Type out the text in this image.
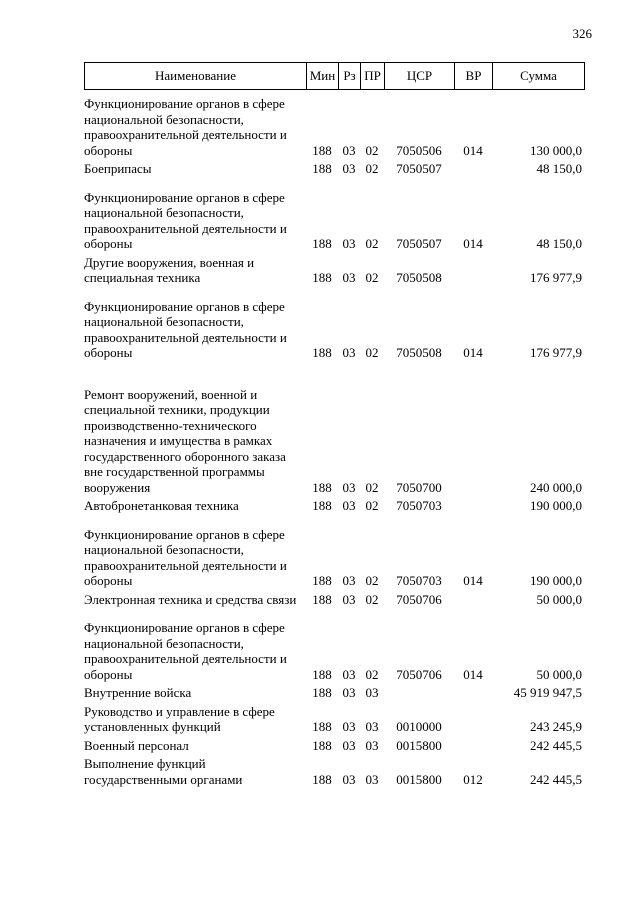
326
Наименование	Мин	Рз	ПР	ЦСР	ВР	Сумма
Функционирование органов в сфере национальной безопасности, правоохранительной деятельности и обороны	188	03	02	7050506	014	130 000,0
Боеприпасы	188	03	02	7050507		48 150,0
Функционирование органов в сфере национальной безопасности, правоохранительной деятельности и обороны	188	03	02	7050507	014	48 150,0
Другие вооружения, военная и специальная техника	188	03	02	7050508		176 977,9
Функционирование органов в сфере национальной безопасности, правоохранительной деятельности и обороны	188	03	02	7050508	014	176 977,9
Ремонт вооружений, военной и специальной техники, продукции производственно-технического назначения и имущества в рамках государственного оборонного заказа вне государственной программы вооружения	188	03	02	7050700		240 000,0
Автобронетанковая техника	188	03	02	7050703		190 000,0
Функционирование органов в сфере национальной безопасности, правоохранительной деятельности и обороны	188	03	02	7050703	014	190 000,0
Электронная техника и средства связи	188	03	02	7050706		50 000,0
Функционирование органов в сфере национальной безопасности, правоохранительной деятельности и обороны	188	03	02	7050706	014	50 000,0
Внутренние войска	188	03	03			45 919 947,5
Руководство и управление в сфере установленных функций	188	03	03	0010000		243 245,9
Военный персонал	188	03	03	0015800		242 445,5
Выполнение функций государственными органами	188	03	03	0015800	012	242 445,5
